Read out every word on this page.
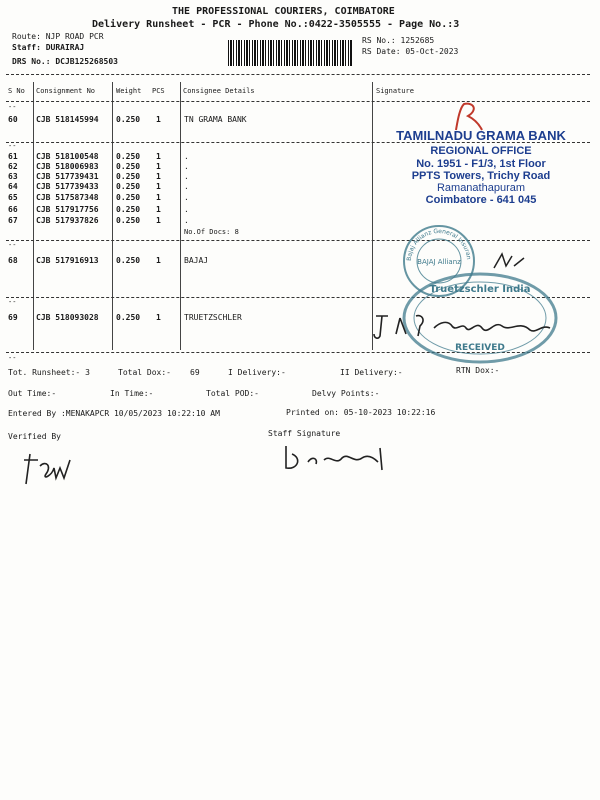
THE PROFESSIONAL COURIERS, COIMBATORE
Delivery Runsheet - PCR - Phone No.:0422-3505555 - Page No.:3
Route: NJP ROAD PCR
Staff: DURAIRAJ
DRS No.: DCJB125268503
RS No.: 1252685
RS Date: 05-Oct-2023
S No Consignment No	Weight PCS	Consignee Details	Signature
--
60 CJB 518145994 0.250 1	TN GRAMA BANK
--
61 CJB 518100548 0.250 1	.
62 CJB 518006983 0.250 1	.
63 CJB 517739431 0.250 1	.
64 CJB 517739433 0.250 1	.
65 CJB 517587348 0.250 1	.
66 CJB 517917756 0.250 1	.
67 CJB 517937826 0.250 1	.
No.Of Docs: 8
--
68 CJB 517916913 0.250 1	BAJAJ
--
69 CJB 518093028 0.250 1	TRUETZSCHLER
--
TAMILNADU GRAMA BANK
REGIONAL OFFICE
No. 1951 - F1/3, 1st Floor
PPTS Towers, Trichy Road
Ramanathapuram
Coimbatore - 641 045
Bajaj Allianz General Insuran
BAJAJ Allianz
Truetzschler India
RECEIVED
Tot. Runsheet:- 3	Total Dox:- 69	I Delivery:-	II Delivery:-	RTN Dox:-
Out Time:-	In Time:-	Total POD:-	Delvy Points:-
Entered By :MENAKAPCR 10/05/2023 10:22:10 AM	Printed on: 05-10-2023 10:22:16
Verified By	Staff Signature
